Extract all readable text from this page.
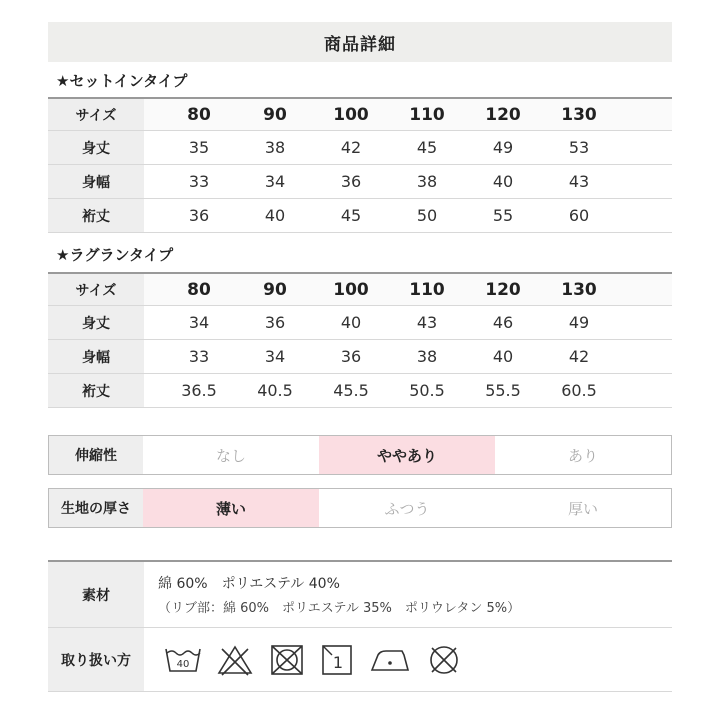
商品詳細
★セットインタイプ
サイズ	80	90	100	110	120	130
身丈	35	38	42	45	49	53
身幅	33	34	36	38	40	43
裄丈	36	40	45	50	55	60
★ラグランタイプ
サイズ	80	90	100	110	120	130
身丈	34	36	40	43	46	49
身幅	33	34	36	38	40	42
裄丈	36.5	40.5	45.5	50.5	55.5	60.5
伸縮性	なし	ややあり	あり
生地の厚さ	薄い	ふつう	厚い
素材
綿 60%　ポリエステル 40%
（リブ部：綿 60%　ポリエステル 35%　ポリウレタン 5%）
取り扱い方	40	1
